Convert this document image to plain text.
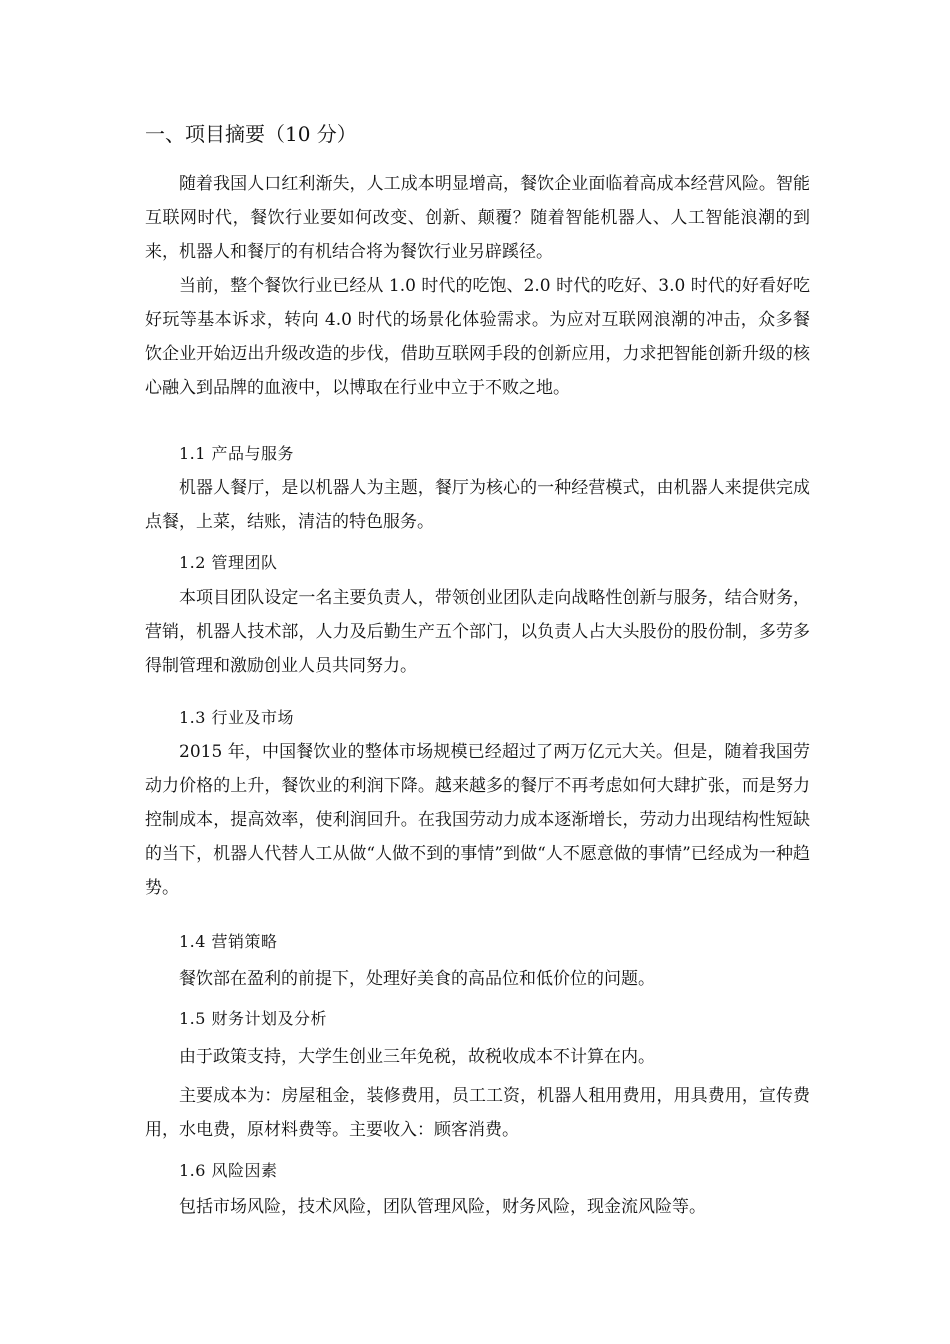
一、项目摘要（10 分）

随着我国人口红利渐失，人工成本明显增高，餐饮企业面临着高成本经营风险。智能互联网时代，餐饮行业要如何改变、创新、颠覆？随着智能机器人、人工智能浪潮的到来，机器人和餐厅的有机结合将为餐饮行业另辟蹊径。

当前，整个餐饮行业已经从 1.0 时代的吃饱、2.0 时代的吃好、3.0 时代的好看好吃好玩等基本诉求，转向 4.0 时代的场景化体验需求。为应对互联网浪潮的冲击，众多餐饮企业开始迈出升级改造的步伐，借助互联网手段的创新应用，力求把智能创新升级的核心融入到品牌的血液中，以博取在行业中立于不败之地。

1.1 产品与服务

机器人餐厅，是以机器人为主题，餐厅为核心的一种经营模式，由机器人来提供完成点餐，上菜，结账，清洁的特色服务。

1.2 管理团队

本项目团队设定一名主要负责人，带领创业团队走向战略性创新与服务，结合财务，营销，机器人技术部，人力及后勤生产五个部门，以负责人占大头股份的股份制，多劳多得制管理和激励创业人员共同努力。

1.3 行业及市场

2015 年，中国餐饮业的整体市场规模已经超过了两万亿元大关。但是，随着我国劳动力价格的上升，餐饮业的利润下降。越来越多的餐厅不再考虑如何大肆扩张，而是努力控制成本，提高效率，使利润回升。在我国劳动力成本逐渐增长，劳动力出现结构性短缺的当下，机器人代替人工从做“人做不到的事情”到做“人不愿意做的事情”已经成为一种趋势。

1.4 营销策略

餐饮部在盈利的前提下，处理好美食的高品位和低价位的问题。

1.5 财务计划及分析

由于政策支持，大学生创业三年免税，故税收成本不计算在内。

主要成本为：房屋租金，装修费用，员工工资，机器人租用费用，用具费用，宣传费用，水电费，原材料费等。主要收入：顾客消费。

1.6 风险因素

包括市场风险，技术风险，团队管理风险，财务风险，现金流风险等。
